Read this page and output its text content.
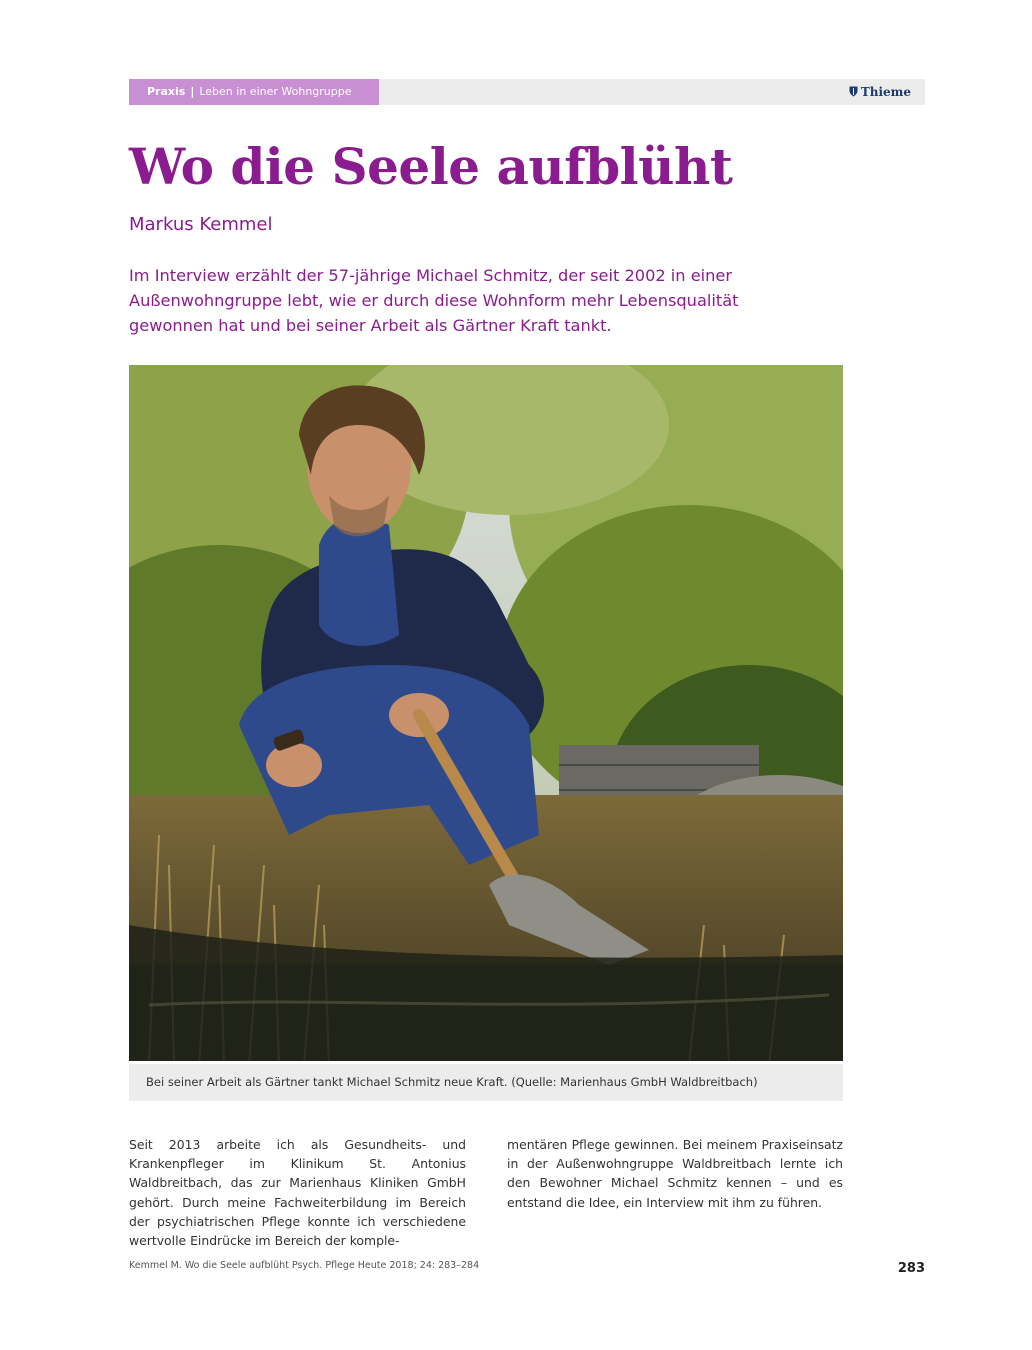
Praxis | Leben in einer Wohngruppe	Thieme
Wo die Seele aufblüht
Markus Kemmel

Im Interview erzählt der 57-jährige Michael Schmitz, der seit 2002 in einer Außenwohngruppe lebt, wie er durch diese Wohnform mehr Lebensqualität gewonnen hat und bei seiner Arbeit als Gärtner Kraft tankt.

Bei seiner Arbeit als Gärtner tankt Michael Schmitz neue Kraft. (Quelle: Marienhaus GmbH Waldbreitbach)

Seit 2013 arbeite ich als Gesundheits- und Krankenpfleger im Klinikum St. Antonius Waldbreitbach, das zur Marienhaus Kliniken GmbH gehört. Durch meine Fachweiterbildung im Bereich der psychiatrischen Pflege konnte ich verschiedene wertvolle Eindrücke im Bereich der komple-

mentären Pflege gewinnen. Bei meinem Praxiseinsatz in der Außenwohngruppe Waldbreitbach lernte ich den Bewohner Michael Schmitz kennen – und es entstand die Idee, ein Interview mit ihm zu führen.

Kemmel M. Wo die Seele aufblüht Psych. Pflege Heute 2018; 24: 283–284	283
